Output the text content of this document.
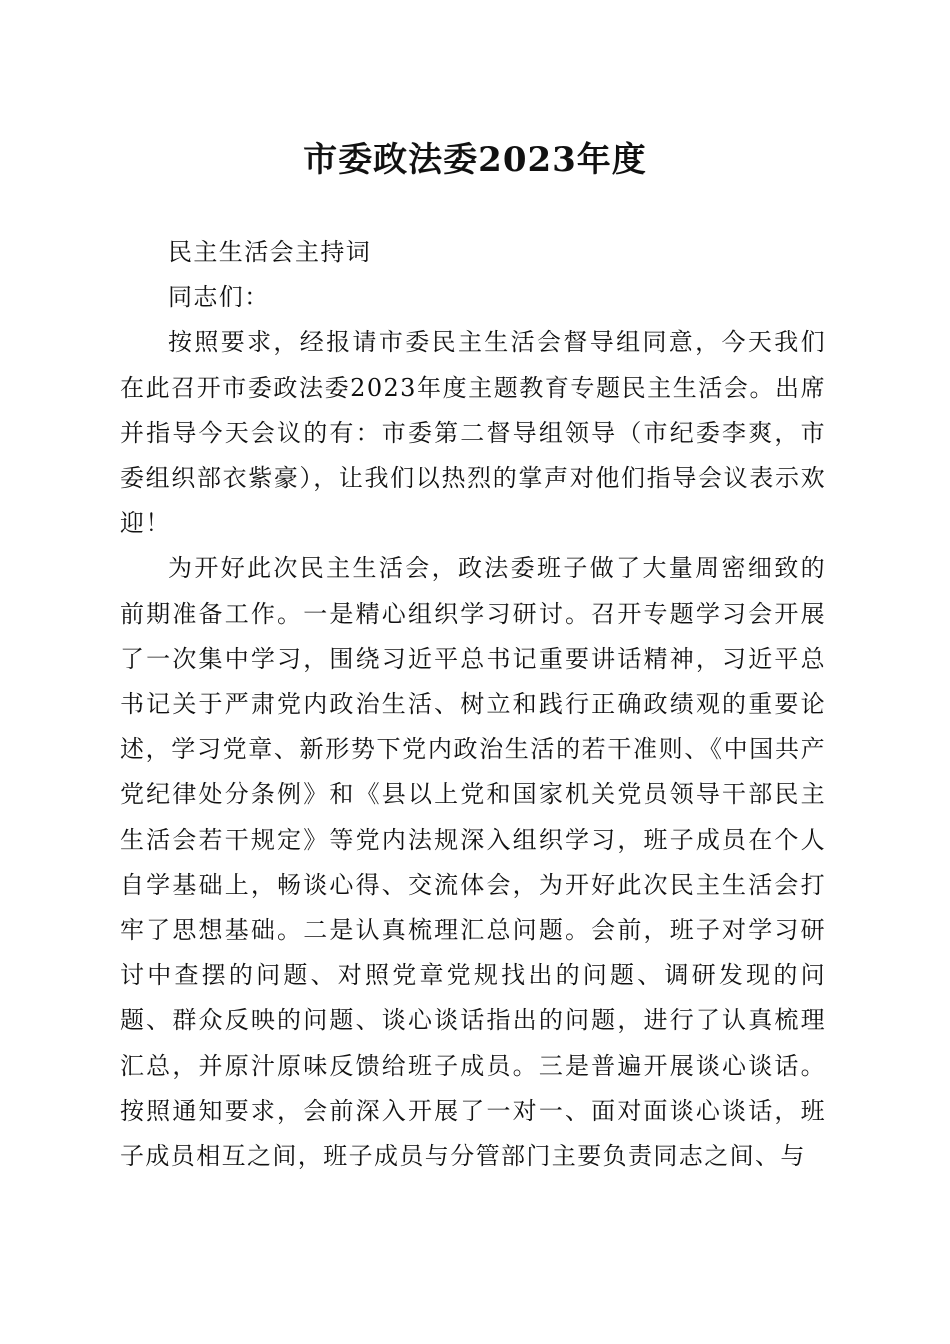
市委政法委2023年度

民主生活会主持词

同志们：

按照要求，经报请市委民主生活会督导组同意，今天我们在此召开市委政法委2023年度主题教育专题民主生活会。出席并指导今天会议的有：市委第二督导组领导（市纪委李爽，市委组织部衣紫豪），让我们以热烈的掌声对他们指导会议表示欢迎！

为开好此次民主生活会，政法委班子做了大量周密细致的前期准备工作。一是精心组织学习研讨。召开专题学习会开展了一次集中学习，围绕习近平总书记重要讲话精神，习近平总书记关于严肃党内政治生活、树立和践行正确政绩观的重要论述，学习党章、新形势下党内政治生活的若干准则、《中国共产党纪律处分条例》和《县以上党和国家机关党员领导干部民主生活会若干规定》等党内法规深入组织学习，班子成员在个人自学基础上，畅谈心得、交流体会，为开好此次民主生活会打牢了思想基础。二是认真梳理汇总问题。会前，班子对学习研讨中查摆的问题、对照党章党规找出的问题、调研发现的问题、群众反映的问题、谈心谈话指出的问题，进行了认真梳理汇总，并原汁原味反馈给班子成员。三是普遍开展谈心谈话。按照通知要求，会前深入开展了一对一、面对面谈心谈话，班子成员相互之间，班子成员与分管部门主要负责同志之间、与
